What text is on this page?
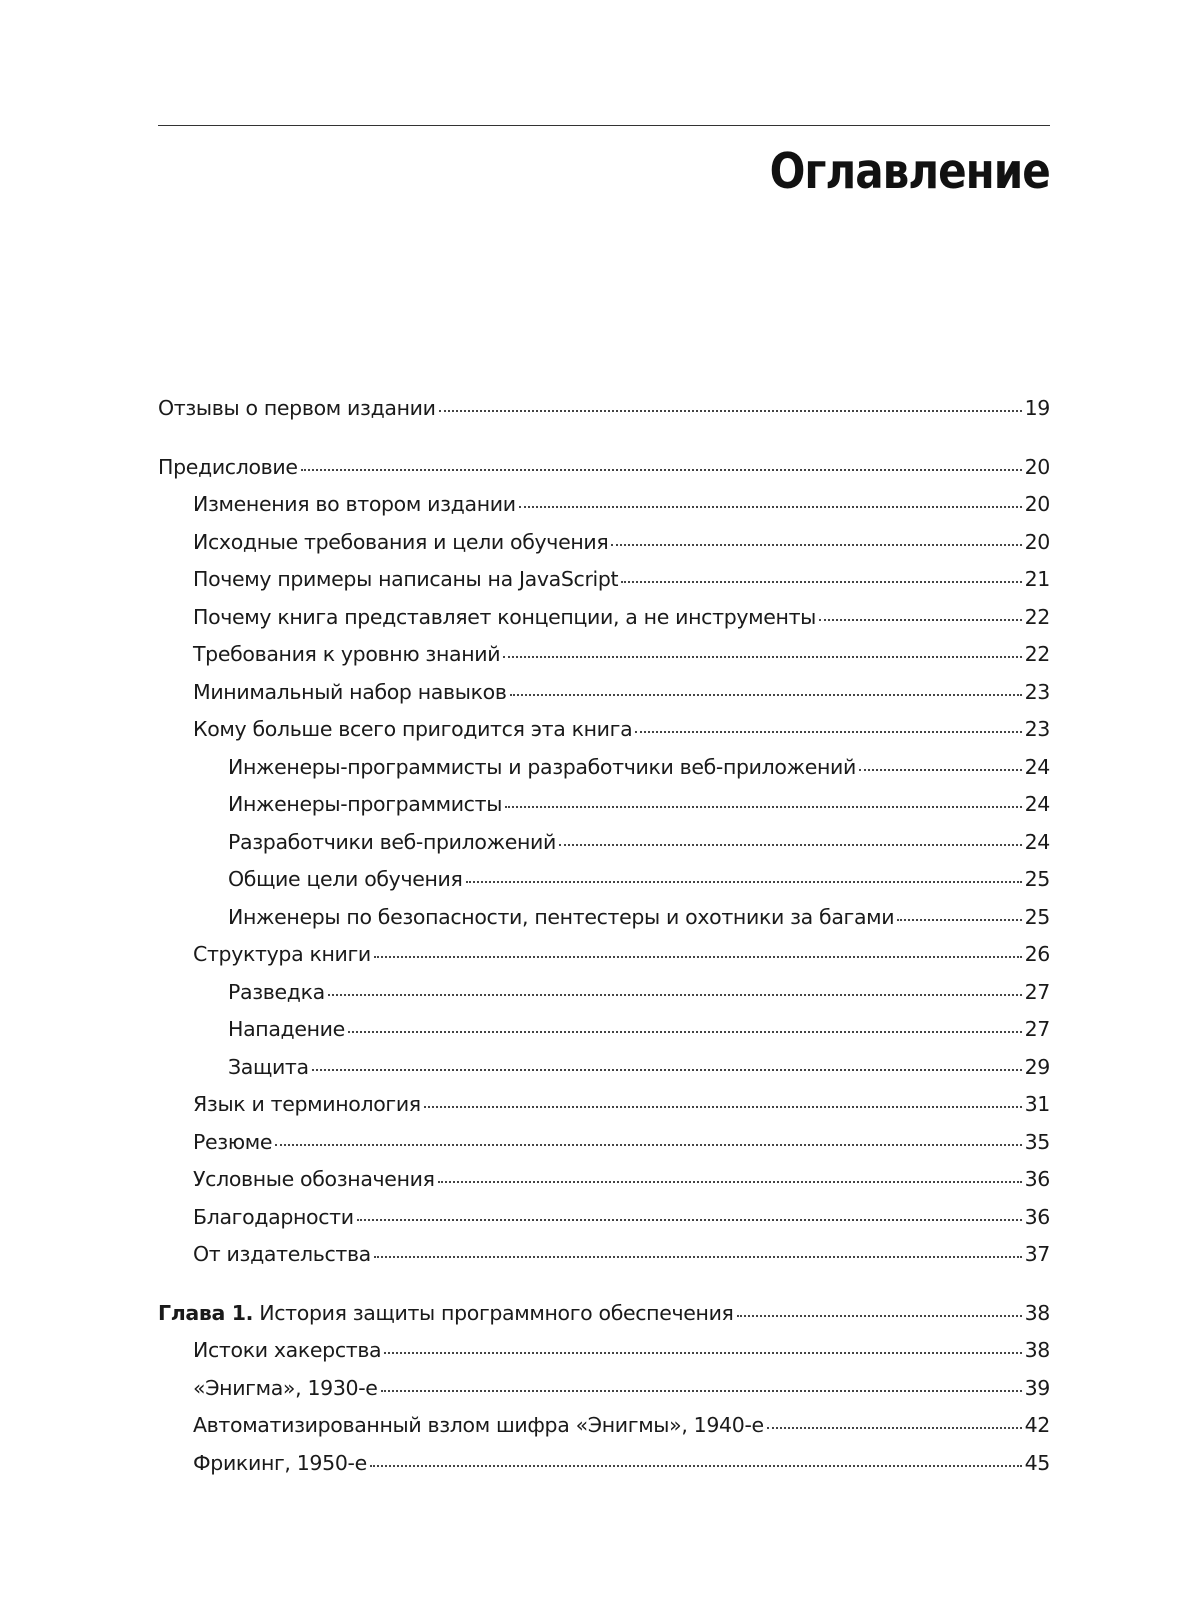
Оглавление
Отзывы о первом издании	19
Предисловие	20
Изменения во втором издании	20
Исходные требования и цели обучения	20
Почему примеры написаны на JavaScript	21
Почему книга представляет концепции, а не инструменты	22
Требования к уровню знаний	22
Минимальный набор навыков	23
Кому больше всего пригодится эта книга	23
Инженеры-программисты и разработчики веб-приложений	24
Инженеры-программисты	24
Разработчики веб-приложений	24
Общие цели обучения	25
Инженеры по безопасности, пентестеры и охотники за багами	25
Структура книги	26
Разведка	27
Нападение	27
Защита	29
Язык и терминология	31
Резюме	35
Условные обозначения	36
Благодарности	36
От издательства	37
Глава 1. История защиты программного обеспечения	38
Истоки хакерства	38
«Энигма», 1930-е	39
Автоматизированный взлом шифра «Энигмы», 1940-е	42
Фрикинг, 1950-е	45
